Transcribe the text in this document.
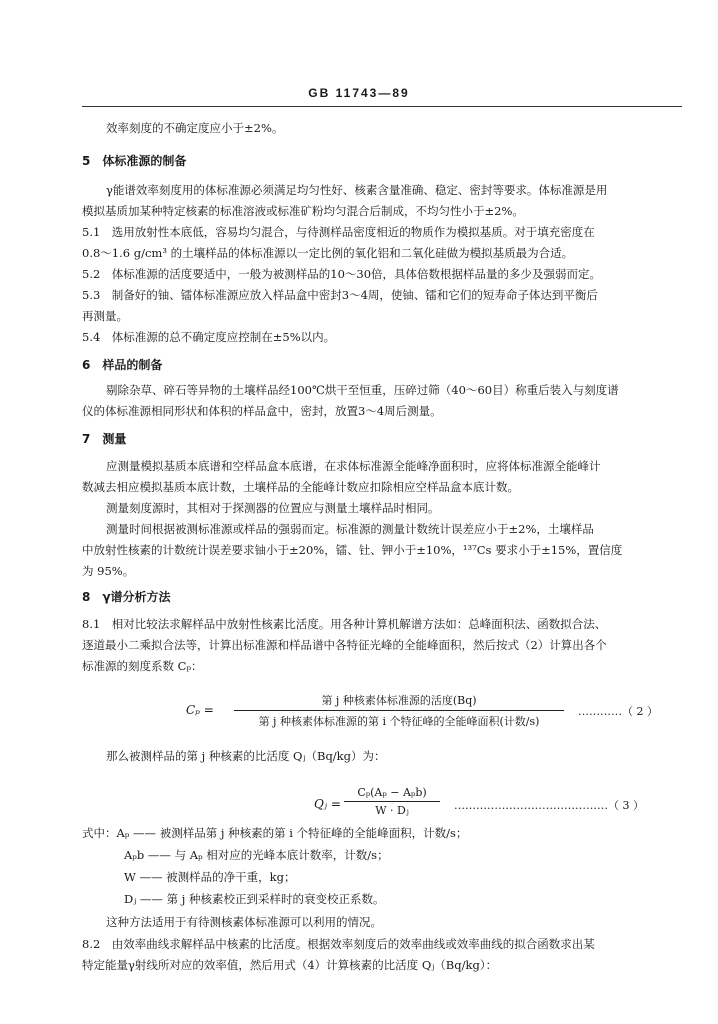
GB 11743—89
效率刻度的不确定度应小于±2%。
5　体标准源的制备
γ能谱效率刻度用的体标准源必须满足均匀性好、核素含量准确、稳定、密封等要求。体标准源是用
模拟基质加某种特定核素的标准溶液或标准矿粉均匀混合后制成，不均匀性小于±2%。
5.1　选用放射性本底低，容易均匀混合，与待测样品密度相近的物质作为模拟基质。对于填充密度在
0.8～1.6 g/cm³ 的土壤样品的体标准源以一定比例的氧化铝和二氧化硅做为模拟基质最为合适。
5.2　体标准源的活度要适中，一般为被测样品的10～30倍，具体倍数根据样品量的多少及强弱而定。
5.3　制备好的铀、镭体标准源应放入样品盒中密封3～4周，使铀、镭和它们的短寿命子体达到平衡后
再测量。
5.4　体标准源的总不确定度应控制在±5%以内。
6　样品的制备
剔除杂草、碎石等异物的土壤样品经100℃烘干至恒重，压碎过筛（40～60目）称重后装入与刻度谱
仪的体标准源相同形状和体积的样品盒中，密封，放置3～4周后测量。
7　测量
应测量模拟基质本底谱和空样品盒本底谱，在求体标准源全能峰净面积时，应将体标准源全能峰计
数减去相应模拟基质本底计数，土壤样品的全能峰计数应扣除相应空样品盒本底计数。
测量刻度源时，其相对于探测器的位置应与测量土壤样品时相同。
测量时间根据被测标准源或样品的强弱而定。标准源的测量计数统计误差应小于±2%，土壤样品
中放射性核素的计数统计误差要求铀小于±20%，镭、钍、钾小于±10%，¹³⁷Cs 要求小于±15%，置信度
为 95%。
8　γ谱分析方法
8.1　相对比较法求解样品中放射性核素比活度。用各种计算机解谱方法如：总峰面积法、函数拟合法、
逐道最小二乘拟合法等，计算出标准源和样品谱中各特征光峰的全能峰面积，然后按式（2）计算出各个
标准源的刻度系数 Cₚ：
Cₚ =
第 j 种核素体标准源的活度(Bq)
第 j 种核素体标准源的第 i 个特征峰的全能峰面积(计数/s)
…………（ 2 ）
那么被测样品的第 j 种核素的比活度 Qⱼ（Bq/kg）为：
Qⱼ =
Cₚ(Aₚ − Aₚb)
W · Dⱼ	……………………………………（ 3 ）
式中：Aₚ —— 被测样品第 j 种核素的第 i 个特征峰的全能峰面积，计数/s；
Aₚb —— 与 Aₚ 相对应的光峰本底计数率，计数/s；
W —— 被测样品的净干重，kg；
Dⱼ —— 第 j 种核素校正到采样时的衰变校正系数。
这种方法适用于有待测核素体标准源可以利用的情况。
8.2　由效率曲线求解样品中核素的比活度。根据效率刻度后的效率曲线或效率曲线的拟合函数求出某
特定能量γ射线所对应的效率值，然后用式（4）计算核素的比活度 Qⱼ（Bq/kg）：
